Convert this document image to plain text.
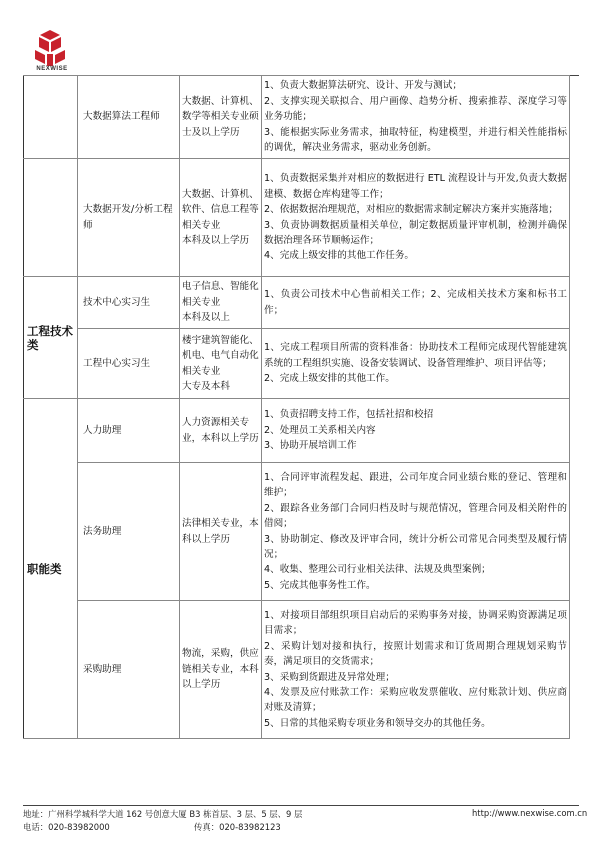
NEXWISE
	大数据算法工程师	大数据、计算机、数学等相关专业硕士及以上学历	1、负责大数据算法研究、设计、开发与测试；
2、支撑实现关联拟合、用户画像、趋势分析、搜索推荐、深度学习等业务功能；
3、能根据实际业务需求，抽取特征，构建模型，并进行相关性能指标的调优，解决业务需求，驱动业务创新。
	大数据开发/分析工程师	大数据、计算机、软件、信息工程等相关专业
本科及以上学历	1、负责数据采集并对相应的数据进行 ETL 流程设计与开发,负责大数据建模、数据仓库构建等工作；
2、依据数据治理规范，对相应的数据需求制定解决方案并实施落地；
3、负责协调数据质量相关单位，制定数据质量评审机制，检测并确保数据治理各环节顺畅运作；
4、完成上级安排的其他工作任务。
工程技术类	技术中心实习生	电子信息、智能化相关专业
本科及以上	1、负责公司技术中心售前相关工作；2、完成相关技术方案和标书工作；
	工程中心实习生	楼宇建筑智能化、机电、电气自动化相关专业
大专及本科	1、完成工程项目所需的资料准备：协助技术工程师完成现代智能建筑系统的工程组织实施、设备安装调试、设备管理维护、项目评估等；
2、完成上级安排的其他工作。
职能类	人力助理	人力资源相关专业，本科以上学历	1、负责招聘支持工作，包括社招和校招
2、处理员工关系相关内容
3、协助开展培训工作
	法务助理	法律相关专业，本科以上学历	1、合同评审流程发起、跟进，公司年度合同业绩台账的登记、管理和维护；
2、跟踪各业务部门合同归档及时与规范情况，管理合同及相关附件的借阅；
3、协助制定、修改及评审合同，统计分析公司常见合同类型及履行情况；
4、收集、整理公司行业相关法律、法规及典型案例；
5、完成其他事务性工作。
	采购助理	物流，采购，供应链相关专业，本科以上学历	1、对接项目部组织项目启动后的采购事务对接，协调采购资源满足项目需求；
2、采购计划对接和执行，按照计划需求和订货周期合理规划采购节奏，满足项目的交货需求；
3、采购到货跟进及异常处理；
4、发票及应付账款工作：采购应收发票催收、应付账款计划、供应商对账及清算；
5、日常的其他采购专项业务和领导交办的其他任务。
地址：广州科学城科学大道 162 号创意大厦 B3 栋首层、3 层、5 层、9 层	http://www.nexwise.com.cn
电话：020-83982000	传真：020-83982123
